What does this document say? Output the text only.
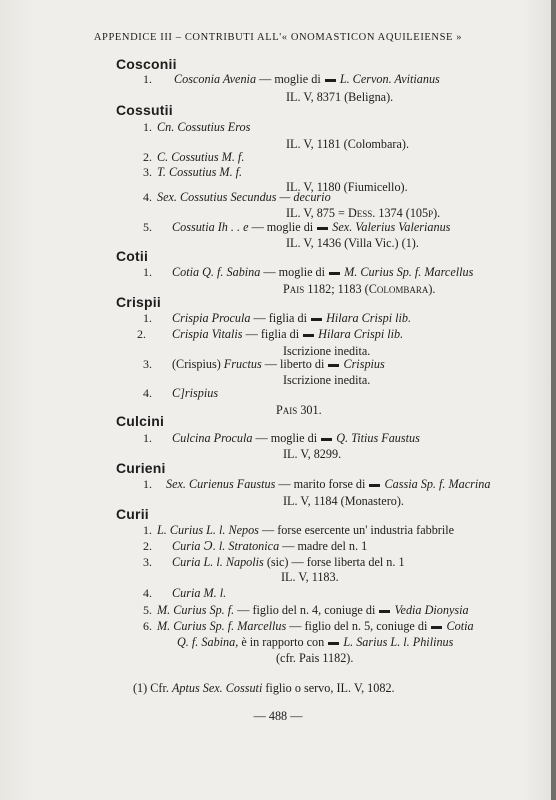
APPENDICE III – CONTRIBUTI ALL'« ONOMASTICON AQUILEIENSE »
Cosconii
1. Cosconia Avenia — moglie di L. Cervon. Avitianus
IL. V, 8371 (Beligna).
Cossutii
1. Cn. Cossutius Eros
IL. V, 1181 (Colombara).
2. C. Cossutius M. f.
3. T. Cossutius M. f.
IL. V, 1180 (Fiumicello).
4. Sex. Cossutius Secundus — decurio
IL. V, 875 = Dess. 1374 (105p).
5. Cossutia Ih . . e — moglie di Sex. Valerius Valerianus
IL. V, 1436 (Villa Vic.) (1).
Cotii
1. Cotia Q. f. Sabina — moglie di M. Curius Sp. f. Marcellus
Pais 1182; 1183 (Colombara).
Crispii
1. Crispia Procula — figlia di Hilara Crispi lib.
2. Crispia Vitalis — figlia di Hilara Crispi lib.
Iscrizione inedita.
3. (Crispius) Fructus — liberto di Crispius
Iscrizione inedita.
4. C]rispius
Pais 301.
Culcini
1. Culcina Procula — moglie di Q. Titius Faustus
IL. V, 8299.
Curieni
1. Sex. Curienus Faustus — marito forse di Cassia Sp. f. Macrina
IL. V, 1184 (Monastero).
Curii
1. L. Curius L. l. Nepos — forse esercente un' industria fabbrile
2. Curia Ↄ. l. Stratonica — madre del n. 1
3. Curia L. l. Napolis (sic) — forse liberta del n. 1
IL. V, 1183.
4. Curia M. l.
5. M. Curius Sp. f. — figlio del n. 4, coniuge di Vedia Dionysia
6. M. Curius Sp. f. Marcellus — figlio del n. 5, coniuge di Cotia
Q. f. Sabina, è in rapporto con L. Sarius L. l. Philinus
(cfr. Pais 1182).
(1) Cfr. Aptus Sex. Cossuti figlio o servo, IL. V, 1082.
— 488 —
